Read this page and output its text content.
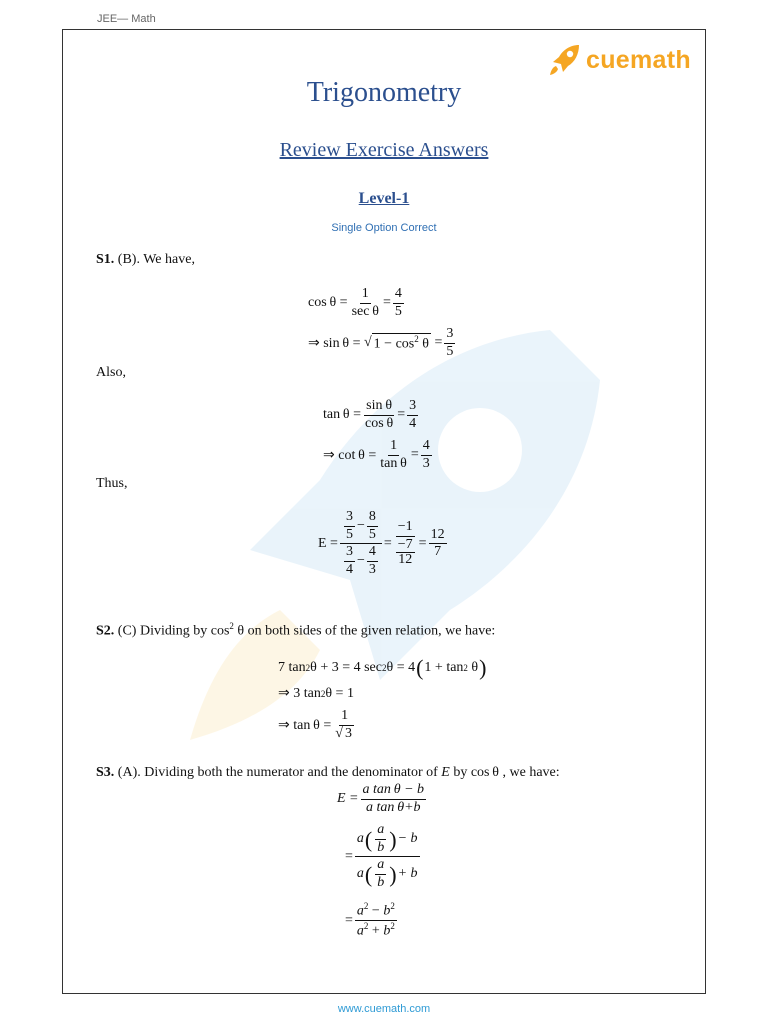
JEE— Math
cuemath
Trigonometry
Review Exercise Answers
Level-1
Single Option Correct
S1. (B). We have,
cos θ =
1
sec θ
= $\frac{4}{5}$
⇒ sin θ = √ $1 - \cos^2 \theta$
= $\frac{3}{5}$
Also,
$\tan \theta = \frac{\text{sin θ}}{\text{cos θ}} = \frac{3}{4}$
⇒ $\cot \theta = \frac{1}{\text{tan θ}} = \frac{4}{3}$
Thus,
E = 3
5
− $\frac{8}{5}$
3
4
− $\frac{4}{3} = -1$
−7
$12 = \frac{12}{7}$
S2. (C) Dividing by $\cos^2 \theta$ on both sides of the given relation, we have:
7 tan 2 θ + 3 = 4 sec 2 θ = 4 ( 1 + tan 2
θ )
⇒ 3 tan 2 θ = 1
⇒ $\tan \theta = \frac{1}{√ 3}$
S3. (A). Dividing both the numerator and the denominator of E by cos θ , we have:
$E = \frac{\text{a tan θ − b}}{\text{a tan θ+b}}$
= a ( a
b ) − b
a ( a
b ) + b
= $\frac{a^2 - b^2}{a^2 + b^2}$
www.cuemath.com
